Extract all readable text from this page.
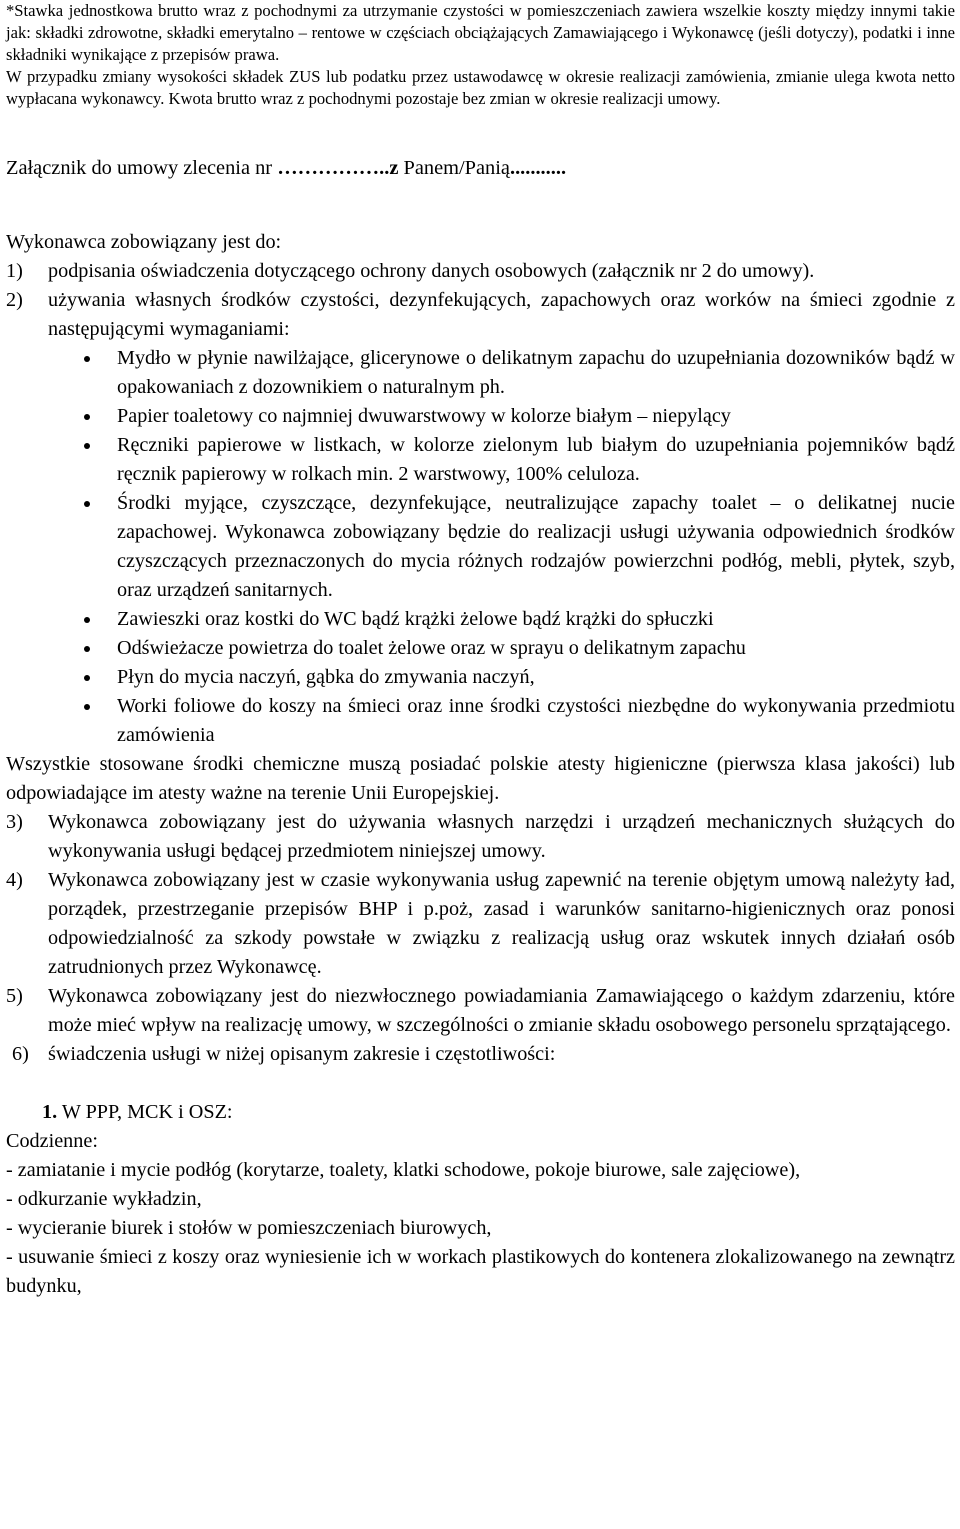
*Stawka jednostkowa brutto wraz z pochodnymi za utrzymanie czystości w pomieszczeniach zawiera wszelkie koszty między innymi takie jak: składki zdrowotne, składki emerytalno – rentowe w częściach obciążających Zamawiającego i Wykonawcę (jeśli dotyczy), podatki i inne składniki wynikające z przepisów prawa.

W przypadku zmiany wysokości składek ZUS lub podatku przez ustawodawcę w okresie realizacji zamówienia, zmianie ulega kwota netto wypłacana wykonawcy. Kwota brutto wraz z pochodnymi pozostaje bez zmian w okresie realizacji umowy.

Załącznik do umowy zlecenia nr ……………..z Panem/Panią...........

Wykonawca zobowiązany jest do:

1)	podpisania oświadczenia dotyczącego ochrony danych osobowych (załącznik nr 2 do umowy).
2)	używania własnych środków czystości, dezynfekujących, zapachowych oraz worków na śmieci zgodnie z następującymi wymaganiami:
Mydło w płynie nawilżające, glicerynowe o delikatnym zapachu do uzupełniania dozowników bądź w opakowaniach z dozownikiem o naturalnym ph.
Papier toaletowy co najmniej dwuwarstwowy w kolorze białym – niepylący
Ręczniki papierowe w listkach, w kolorze zielonym lub białym do uzupełniania pojemników bądź ręcznik papierowy w rolkach min. 2 warstwowy, 100% celuloza.
Środki myjące, czyszczące, dezynfekujące, neutralizujące zapachy toalet – o delikatnej nucie zapachowej. Wykonawca zobowiązany będzie do realizacji usługi używania odpowiednich środków czyszczących przeznaczonych do mycia różnych rodzajów powierzchni podłóg, mebli, płytek, szyb, oraz urządzeń sanitarnych.
Zawieszki oraz kostki do WC bądź krążki żelowe bądź krążki do spłuczki
Odświeżacze powietrza do toalet żelowe oraz w sprayu o delikatnym zapachu
Płyn do mycia naczyń, gąbka do zmywania naczyń,
Worki foliowe do koszy na śmieci oraz inne środki czystości niezbędne do wykonywania przedmiotu zamówienia

Wszystkie stosowane środki chemiczne muszą posiadać polskie atesty higieniczne (pierwsza klasa jakości) lub odpowiadające im atesty ważne na terenie Unii Europejskiej.

3)	Wykonawca zobowiązany jest do używania własnych narzędzi i urządzeń mechanicznych służących do wykonywania usługi będącej przedmiotem niniejszej umowy.
4)	Wykonawca zobowiązany jest w czasie wykonywania usług zapewnić na terenie objętym umową należyty ład, porządek, przestrzeganie przepisów BHP i p.poż, zasad i warunków sanitarno-higienicznych oraz ponosi odpowiedzialność za szkody powstałe w związku z realizacją usług oraz wskutek innych działań osób zatrudnionych przez Wykonawcę.
5)	Wykonawca zobowiązany jest do niezwłocznego powiadamiania Zamawiającego o każdym zdarzeniu, które może mieć wpływ na realizację umowy, w szczególności o zmianie składu osobowego personelu sprzątającego.
6) świadczenia usługi w niżej opisanym zakresie i częstotliwości:

1. W PPP, MCK i OSZ:

Codzienne:

- zamiatanie i mycie podłóg (korytarze, toalety, klatki schodowe, pokoje biurowe, sale zajęciowe),

- odkurzanie wykładzin,

- wycieranie biurek i stołów w pomieszczeniach biurowych,

- usuwanie śmieci z koszy oraz wyniesienie ich w workach plastikowych do kontenera zlokalizowanego na zewnątrz budynku,
